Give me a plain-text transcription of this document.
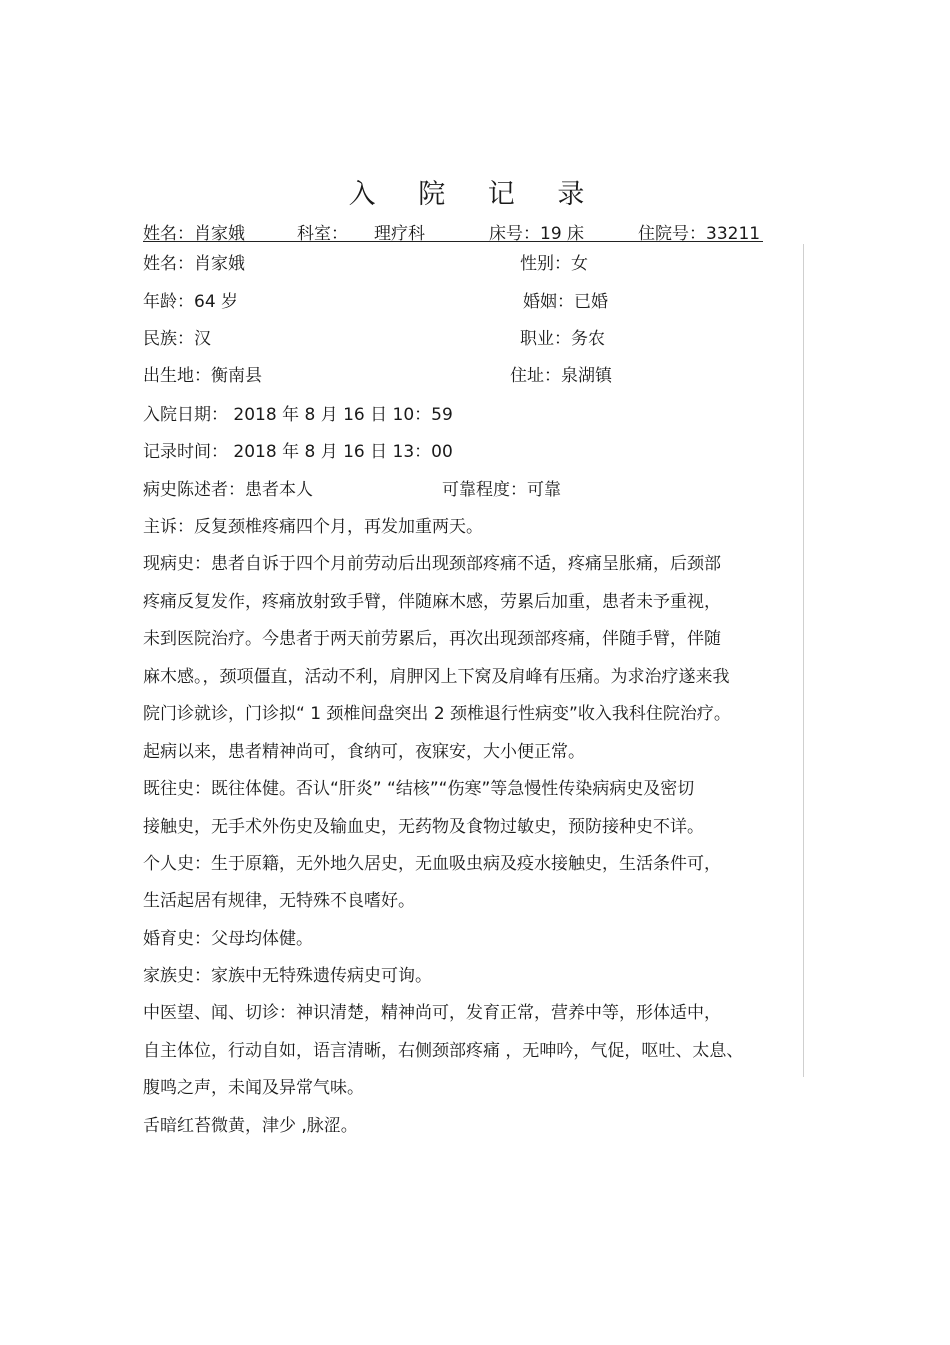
入 院 记 录
姓名：肖家娥	科室： 理疗科	床号：19 床	住院号：33211
姓名：肖家娥	性别：女
年龄：64 岁	婚姻：已婚
民族：汉	职业：务农
出生地：衡南县	住址：泉湖镇
入院日期： 2018 年 8 月 16 日 10：59
记录时间： 2018 年 8 月 16 日 13：00
病史陈述者：患者本人	可靠程度：可靠
主诉：反复颈椎疼痛四个月，再发加重两天。
现病史：患者自诉于四个月前劳动后出现颈部疼痛不适，疼痛呈胀痛，后颈部
疼痛反复发作，疼痛放射致手臂，伴随麻木感，劳累后加重，患者未予重视，
未到医院治疗。今患者于两天前劳累后，再次出现颈部疼痛，伴随手臂，伴随
麻木感。，颈项僵直，活动不利，肩胛冈上下窝及肩峰有压痛。为求治疗遂来我
院门诊就诊，门诊拟“ 1 颈椎间盘突出 2 颈椎退行性病变”收入我科住院治疗。
起病以来，患者精神尚可，食纳可，夜寐安，大小便正常。
既往史：既往体健。否认“肝炎” “结核”“伤寒”等急慢性传染病病史及密切
接触史，无手术外伤史及输血史，无药物及食物过敏史，预防接种史不详。
个人史：生于原籍，无外地久居史，无血吸虫病及疫水接触史，生活条件可，
生活起居有规律，无特殊不良嗜好。
婚育史：父母均体健。
家族史：家族中无特殊遗传病史可询。
中医望、闻、切诊：神识清楚，精神尚可，发育正常，营养中等，形体适中，
自主体位，行动自如，语言清晰，右侧颈部疼痛 ，无呻吟，气促，呕吐、太息、
腹鸣之声，未闻及异常气味。
舌暗红苔微黄，津少 ,脉涩。
